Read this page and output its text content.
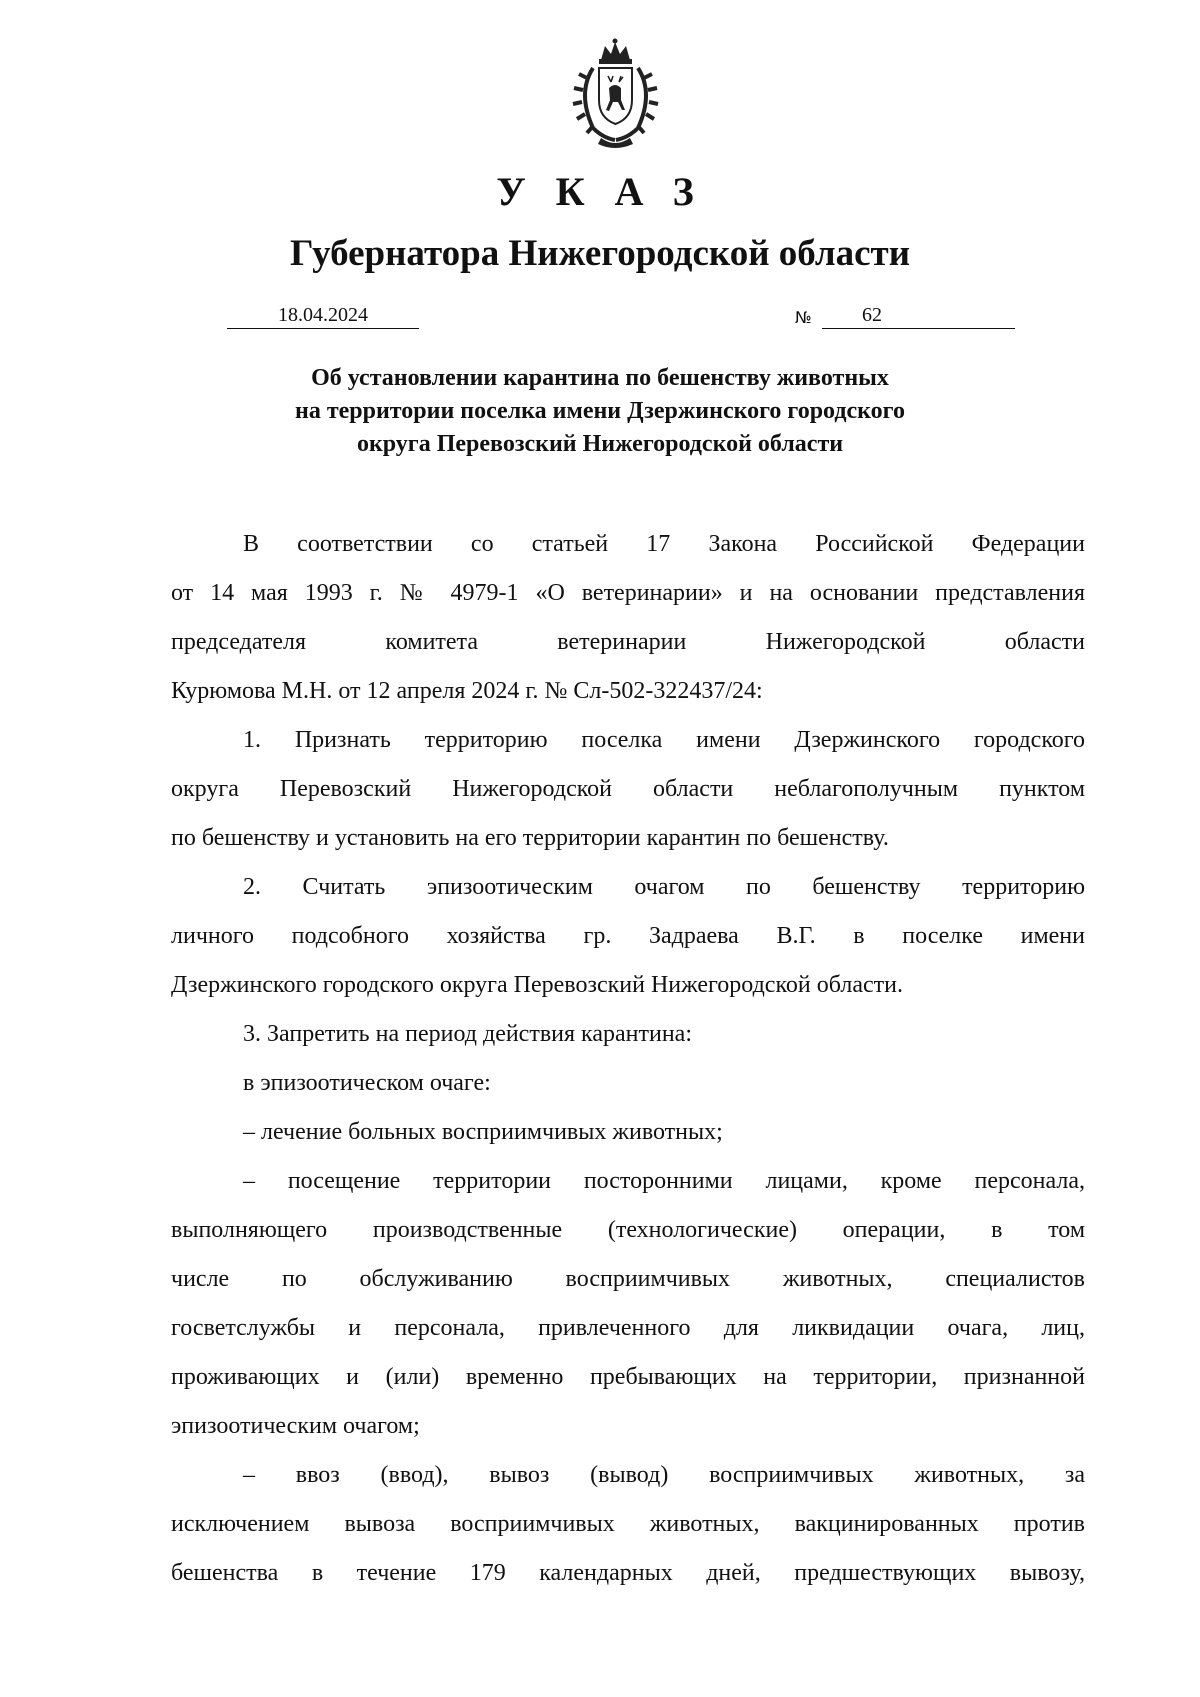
УКАЗ
Губернатора Нижегородской области
18.04.2024	№	62
Об установлении карантина по бешенству животных
на территории поселка имени Дзержинского городского
округа Перевозский Нижегородской области
В соответствии со статьей 17 Закона Российской Федерации
от 14 мая 1993 г. № 4979-1 «О ветеринарии» и на основании представления
председателя комитета ветеринарии Нижегородской области
Курюмова М.Н. от 12 апреля 2024 г. № Сл-502-322437/24:
1. Признать территорию поселка имени Дзержинского городского
округа Перевозский Нижегородской области неблагополучным пунктом
по бешенству и установить на его территории карантин по бешенству.
2. Считать эпизоотическим очагом по бешенству территорию
личного подсобного хозяйства гр. Задраева В.Г. в поселке имени
Дзержинского городского округа Перевозский Нижегородской области.
3. Запретить на период действия карантина:
в эпизоотическом очаге:
– лечение больных восприимчивых животных;
– посещение территории посторонними лицами, кроме персонала,
выполняющего производственные (технологические) операции, в том
числе по обслуживанию восприимчивых животных, специалистов
госветслужбы и персонала, привлеченного для ликвидации очага, лиц,
проживающих и (или) временно пребывающих на территории, признанной
эпизоотическим очагом;
– ввоз (ввод), вывоз (вывод) восприимчивых животных, за
исключением вывоза восприимчивых животных, вакцинированных против
бешенства в течение 179 календарных дней, предшествующих вывозу,
